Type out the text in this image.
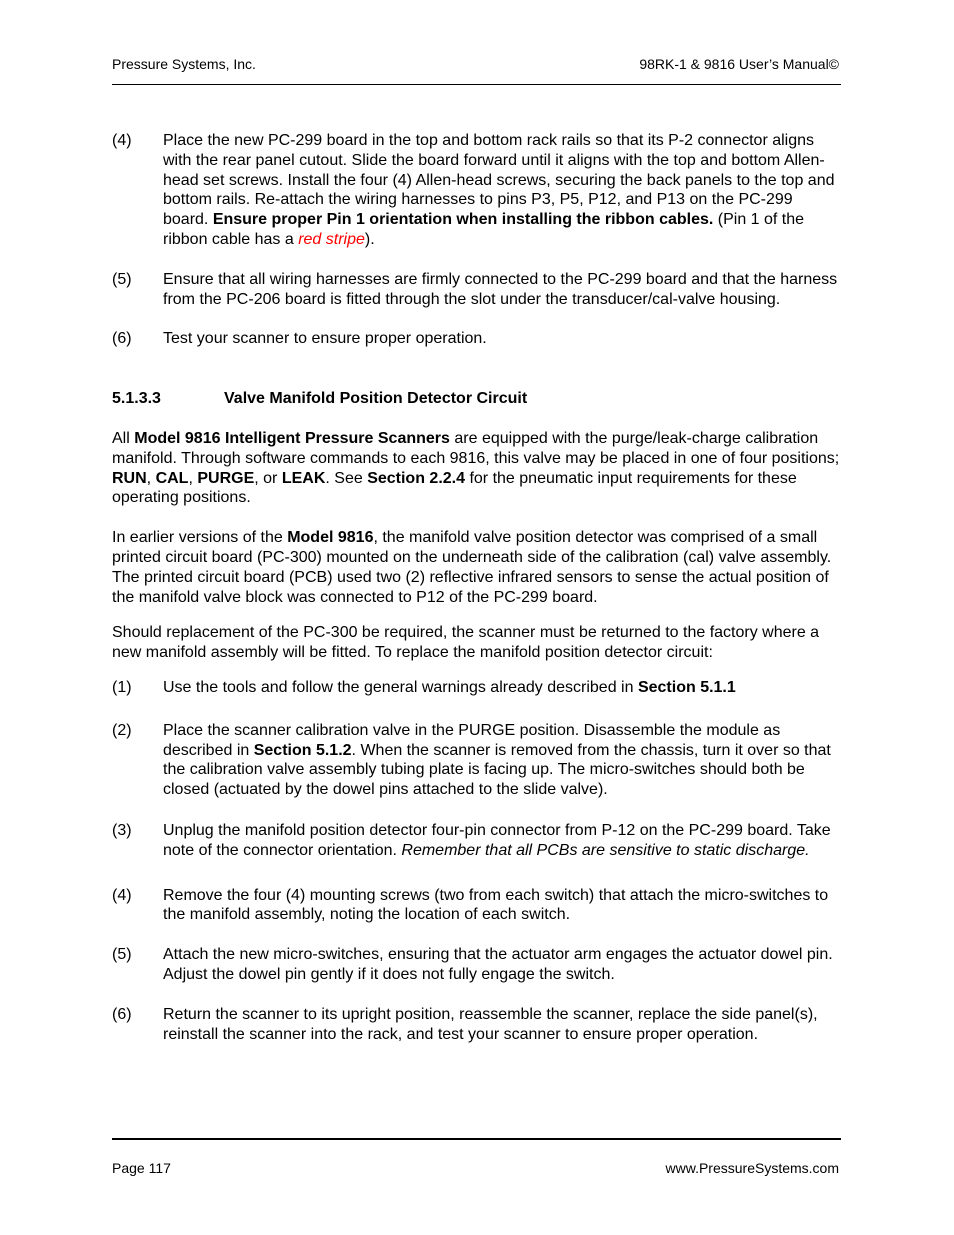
Pressure Systems, Inc.	98RK-1 & 9816 User’s Manual©
(4) Place the new PC-299 board in the top and bottom rack rails so that its P-2 connector aligns with the rear panel cutout. Slide the board forward until it aligns with the top and bottom Allen-head set screws. Install the four (4) Allen-head screws, securing the back panels to the top and bottom rails. Re-attach the wiring harnesses to pins P3, P5, P12, and P13 on the PC-299 board. Ensure proper Pin 1 orientation when installing the ribbon cables. (Pin 1 of the ribbon cable has a red stripe).
(5) Ensure that all wiring harnesses are firmly connected to the PC-299 board and that the harness from the PC-206 board is fitted through the slot under the transducer/cal-valve housing.
(6) Test your scanner to ensure proper operation.
5.1.3.3	Valve Manifold Position Detector Circuit
All Model 9816 Intelligent Pressure Scanners are equipped with the purge/leak-charge calibration manifold. Through software commands to each 9816, this valve may be placed in one of four positions; RUN, CAL, PURGE, or LEAK. See Section 2.2.4 for the pneumatic input requirements for these operating positions.
In earlier versions of the Model 9816, the manifold valve position detector was comprised of a small printed circuit board (PC-300) mounted on the underneath side of the calibration (cal) valve assembly. The printed circuit board (PCB) used two (2) reflective infrared sensors to sense the actual position of the manifold valve block was connected to P12 of the PC-299 board.
Should replacement of the PC-300 be required, the scanner must be returned to the factory where a new manifold assembly will be fitted. To replace the manifold position detector circuit:
(1) Use the tools and follow the general warnings already described in Section 5.1.1
(2) Place the scanner calibration valve in the PURGE position. Disassemble the module as described in Section 5.1.2. When the scanner is removed from the chassis, turn it over so that the calibration valve assembly tubing plate is facing up. The micro-switches should both be closed (actuated by the dowel pins attached to the slide valve).
(3) Unplug the manifold position detector four-pin connector from P-12 on the PC-299 board. Take note of the connector orientation. Remember that all PCBs are sensitive to static discharge.
(4) Remove the four (4) mounting screws (two from each switch) that attach the micro-switches to the manifold assembly, noting the location of each switch.
(5) Attach the new micro-switches, ensuring that the actuator arm engages the actuator dowel pin. Adjust the dowel pin gently if it does not fully engage the switch.
(6) Return the scanner to its upright position, reassemble the scanner, replace the side panel(s), reinstall the scanner into the rack, and test your scanner to ensure proper operation.
Page 117	www.PressureSystems.com
